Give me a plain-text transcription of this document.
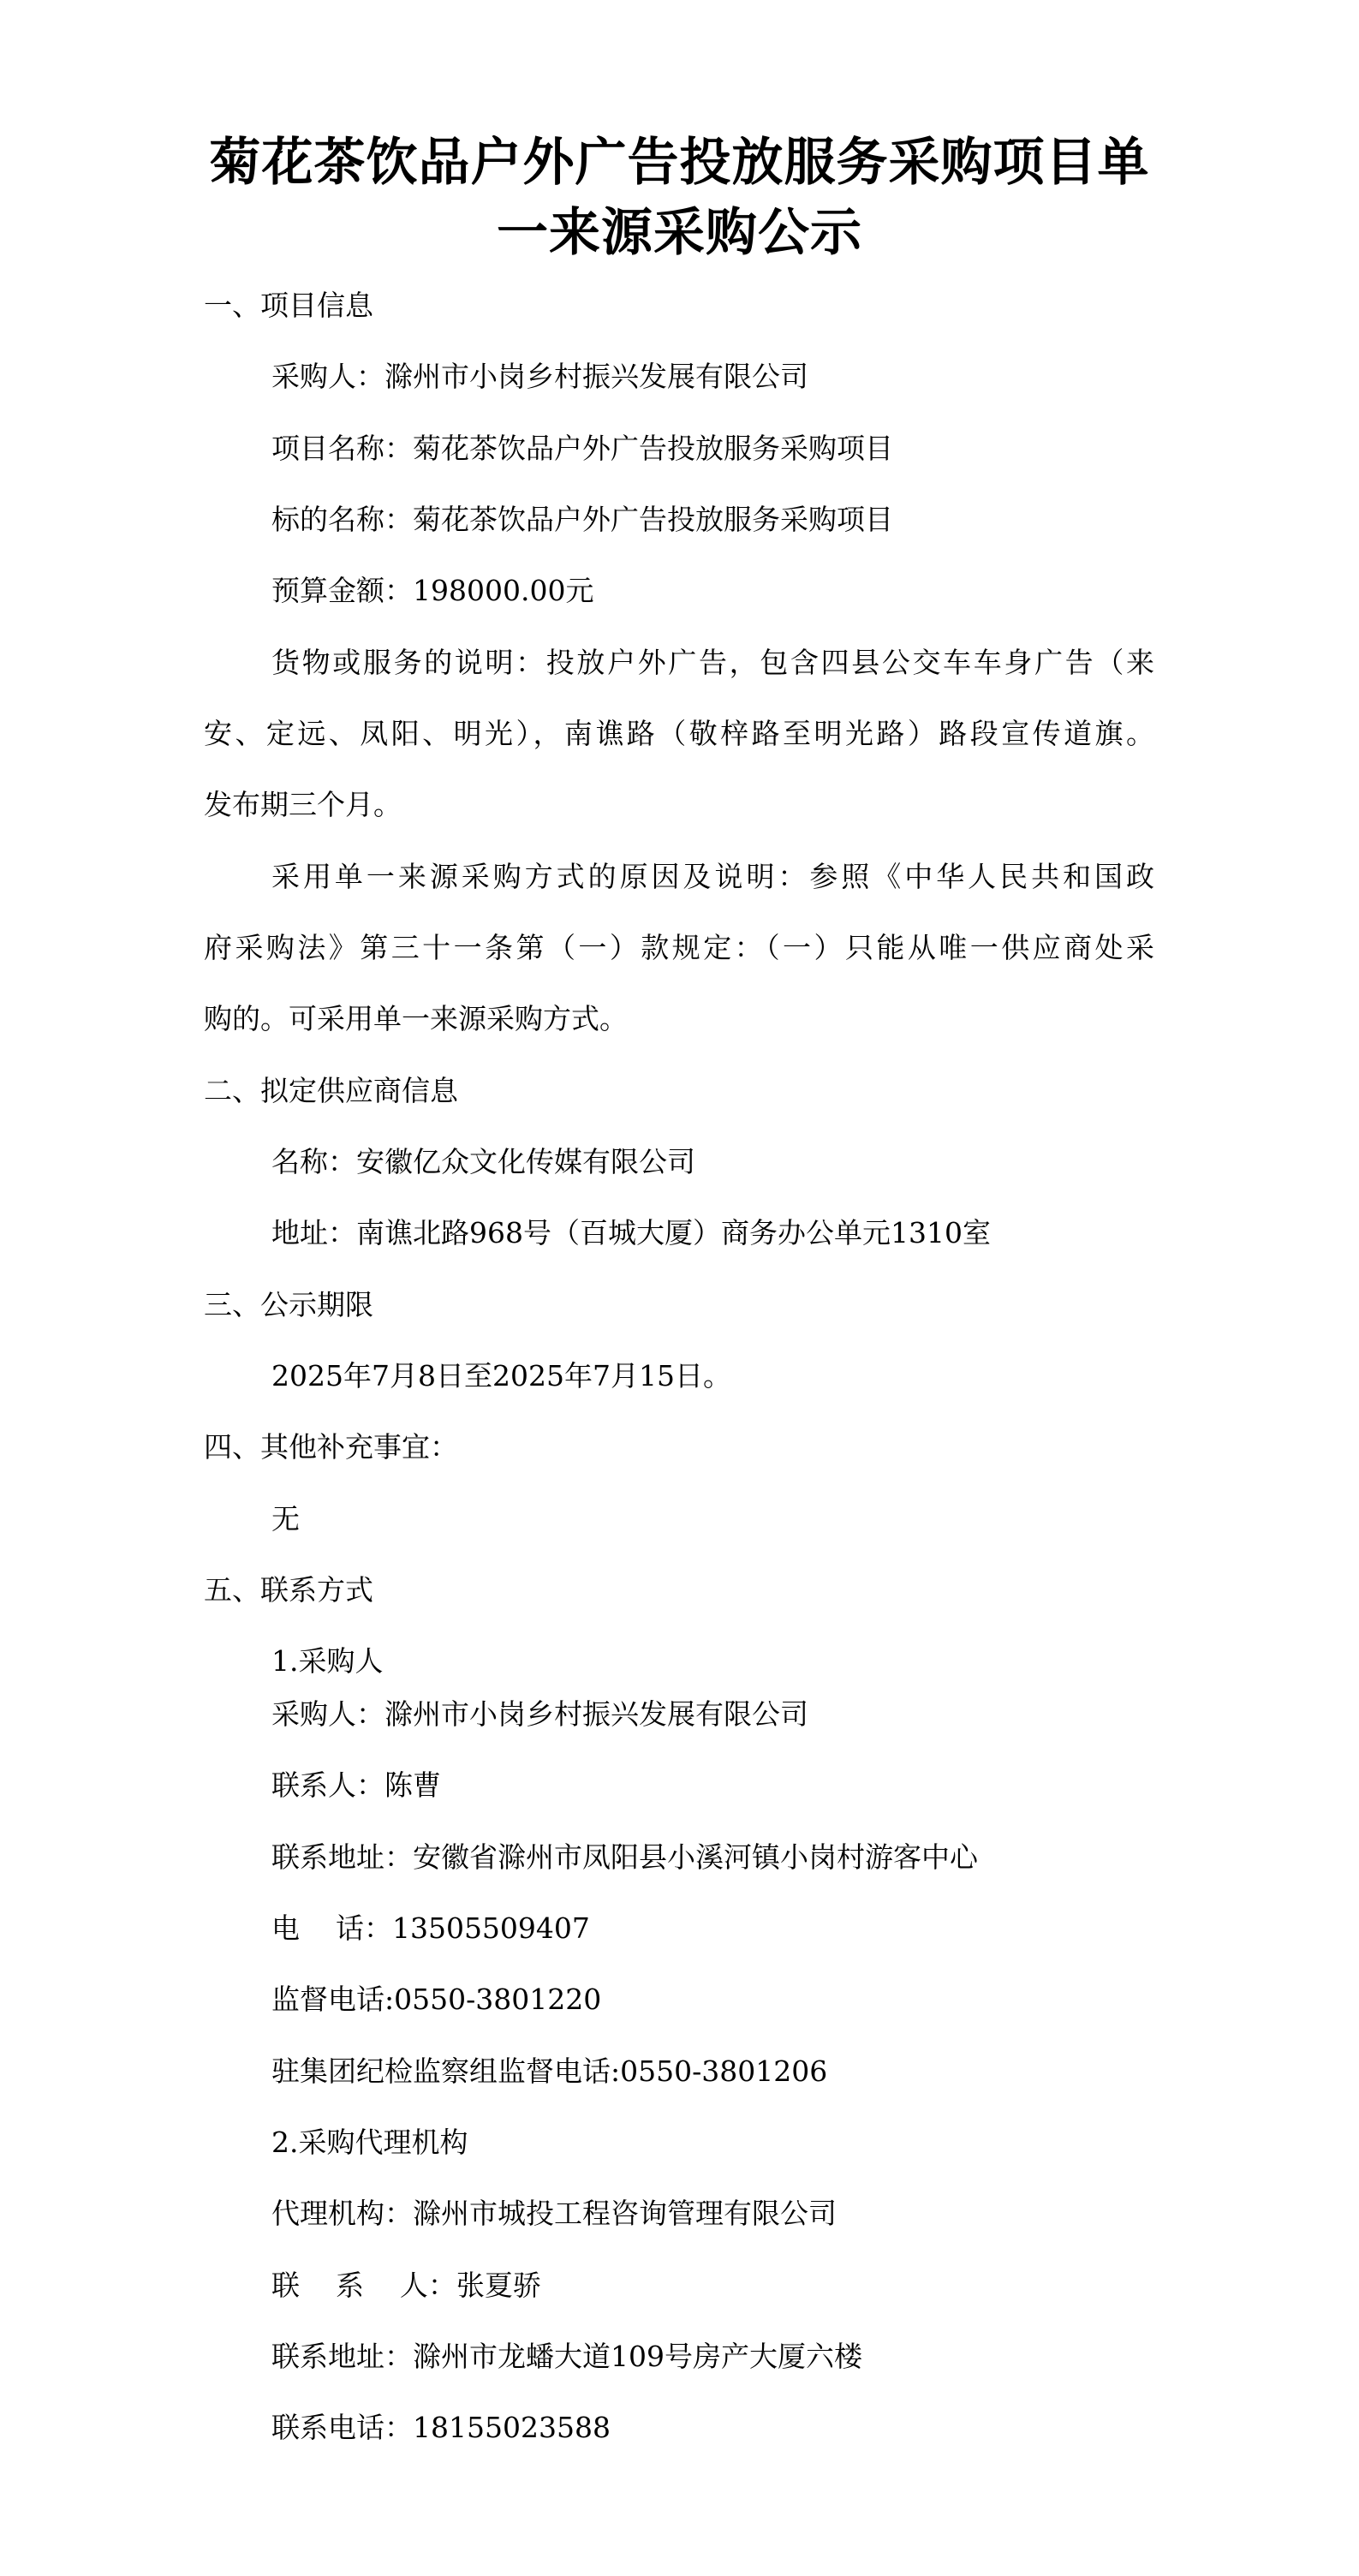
菊花茶饮品户外广告投放服务采购项目单
一来源采购公示
一、项目信息
采购人：滁州市小岗乡村振兴发展有限公司
项目名称：菊花茶饮品户外广告投放服务采购项目
标的名称：菊花茶饮品户外广告投放服务采购项目
预算金额：198000.00元
货物或服务的说明：投放户外广告，包含四县公交车车身广告（来
安、定远、凤阳、明光），南谯路（敬梓路至明光路）路段宣传道旗。
发布期三个月。
采用单一来源采购方式的原因及说明：参照《中华人民共和国政
府采购法》第三十一条第（一）款规定：（一）只能从唯一供应商处采
购的。可采用单一来源采购方式。
二、拟定供应商信息
名称：安徽亿众文化传媒有限公司
地址：南谯北路968号（百城大厦）商务办公单元1310室
三、公示期限
2025年7月8日至2025年7月15日。
四、其他补充事宜：
无
五、联系方式
1.采购人
采购人：滁州市小岗乡村振兴发展有限公司
联系人：陈曹
联系地址：安徽省滁州市凤阳县小溪河镇小岗村游客中心
电    话：13505509407
监督电话:0550-3801220
驻集团纪检监察组监督电话:0550-3801206
2.采购代理机构
代理机构：滁州市城投工程咨询管理有限公司
联    系    人：张夏骄
联系地址：滁州市龙蟠大道109号房产大厦六楼
联系电话：18155023588
